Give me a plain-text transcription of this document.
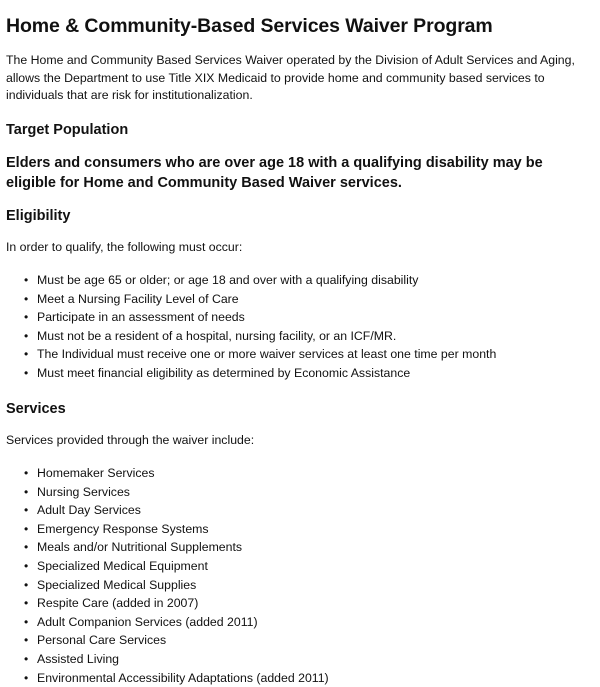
Home & Community-Based Services Waiver Program

The Home and Community Based Services Waiver operated by the Division of Adult Services and Aging, allows the Department to use Title XIX Medicaid to provide home and community based services to individuals that are risk for institutionalization.

Target Population
Elders and consumers who are over age 18 with a qualifying disability may be eligible for Home and Community Based Waiver services.
Eligibility

In order to qualify, the following must occur:

• Must be age 65 or older; or age 18 and over with a qualifying disability
• Meet a Nursing Facility Level of Care
• Participate in an assessment of needs
• Must not be a resident of a hospital, nursing facility, or an ICF/MR.
• The Individual must receive one or more waiver services at least one time per month
• Must meet financial eligibility as determined by Economic Assistance
Services

Services provided through the waiver include:

• Homemaker Services
• Nursing Services
• Adult Day Services
• Emergency Response Systems
• Meals and/or Nutritional Supplements
• Specialized Medical Equipment
• Specialized Medical Supplies
• Respite Care (added in 2007)
• Adult Companion Services (added 2011)
• Personal Care Services
• Assisted Living
• Environmental Accessibility Adaptations (added 2011)
